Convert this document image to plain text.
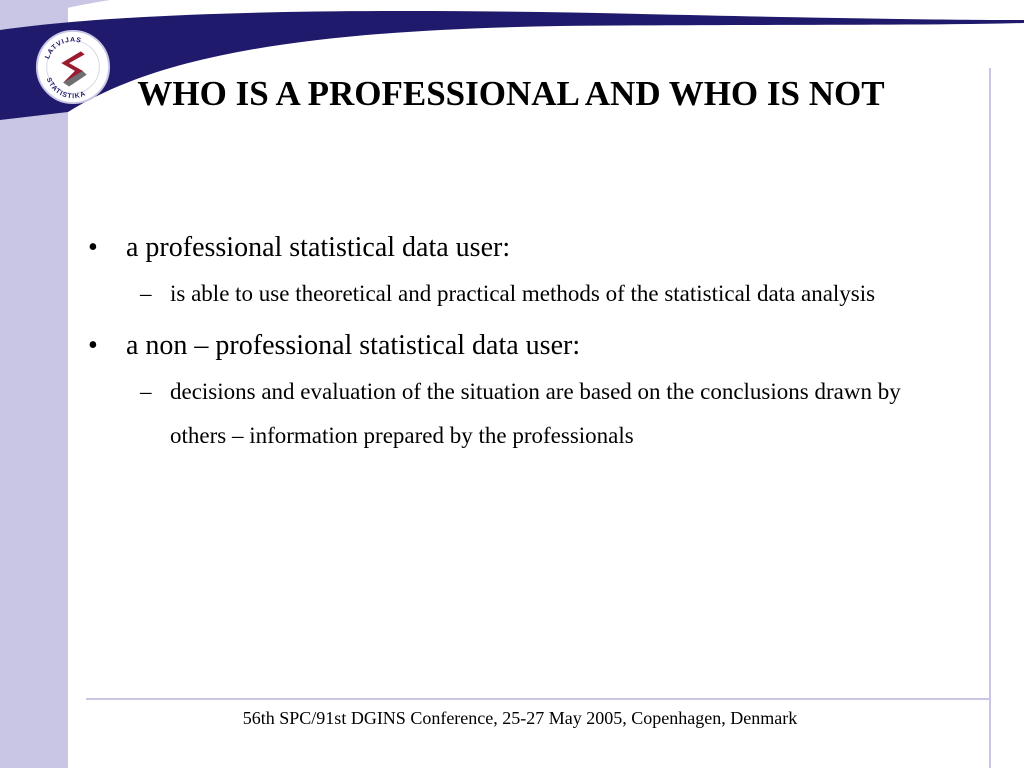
LATVIJAS
STATISTIKA	WHO IS A PROFESSIONAL AND WHO IS NOT
•	a professional statistical data user:
– is able to use theoretical and practical methods of the statistical data analysis
•	a non – professional statistical data user:
– decisions and evaluation of the situation are based on the conclusions drawn by others – information prepared by the professionals
56th SPC/91st DGINS Conference, 25-27 May 2005, Copenhagen, Denmark
